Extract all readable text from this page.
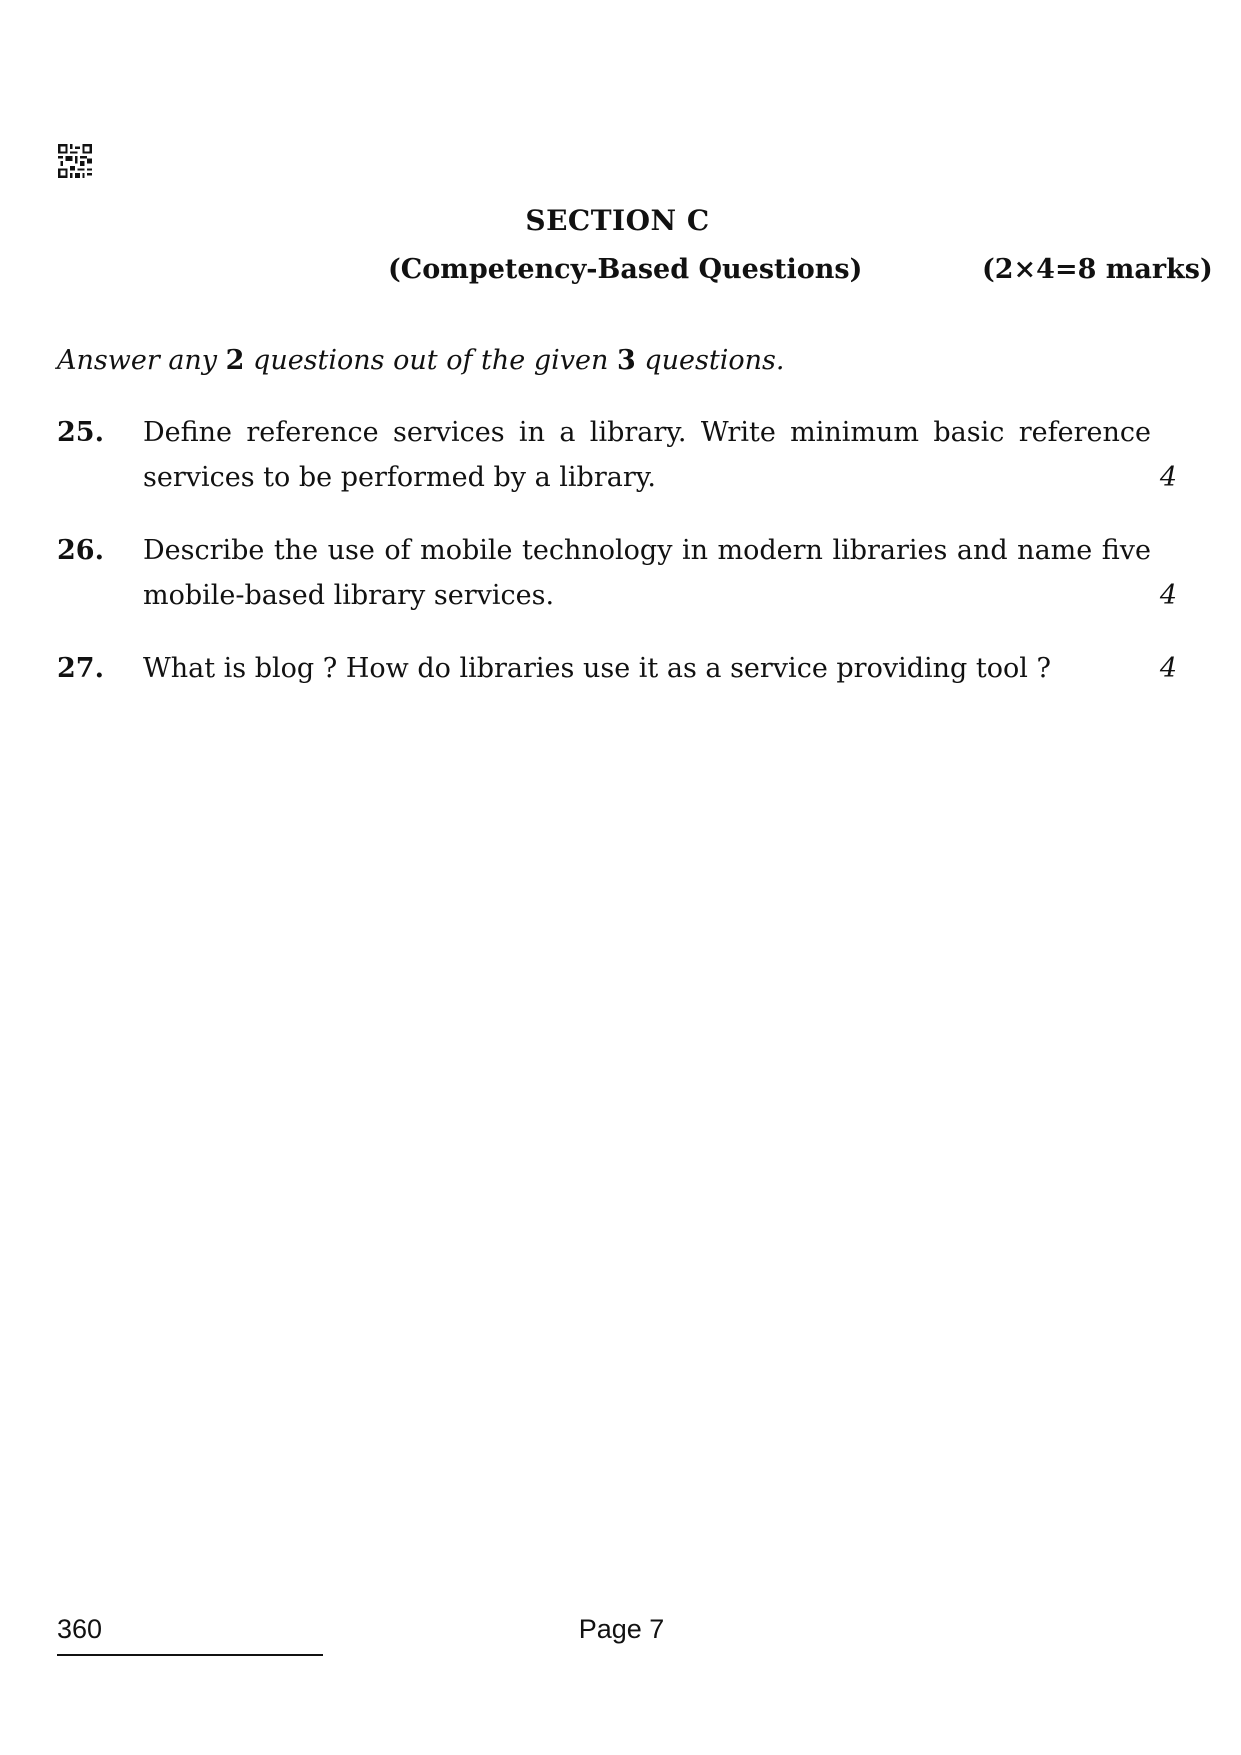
SECTION C
(Competency-Based Questions)	(2×4=8 marks)
Answer any 2 questions out of the given 3 questions.
25. Define reference services in a library. Write minimum basic reference services to be performed by a library.	4
26. Describe the use of mobile technology in modern libraries and name five mobile-based library services.	4
27. What is blog ? How do libraries use it as a service providing tool ?	4
360	Page 7
